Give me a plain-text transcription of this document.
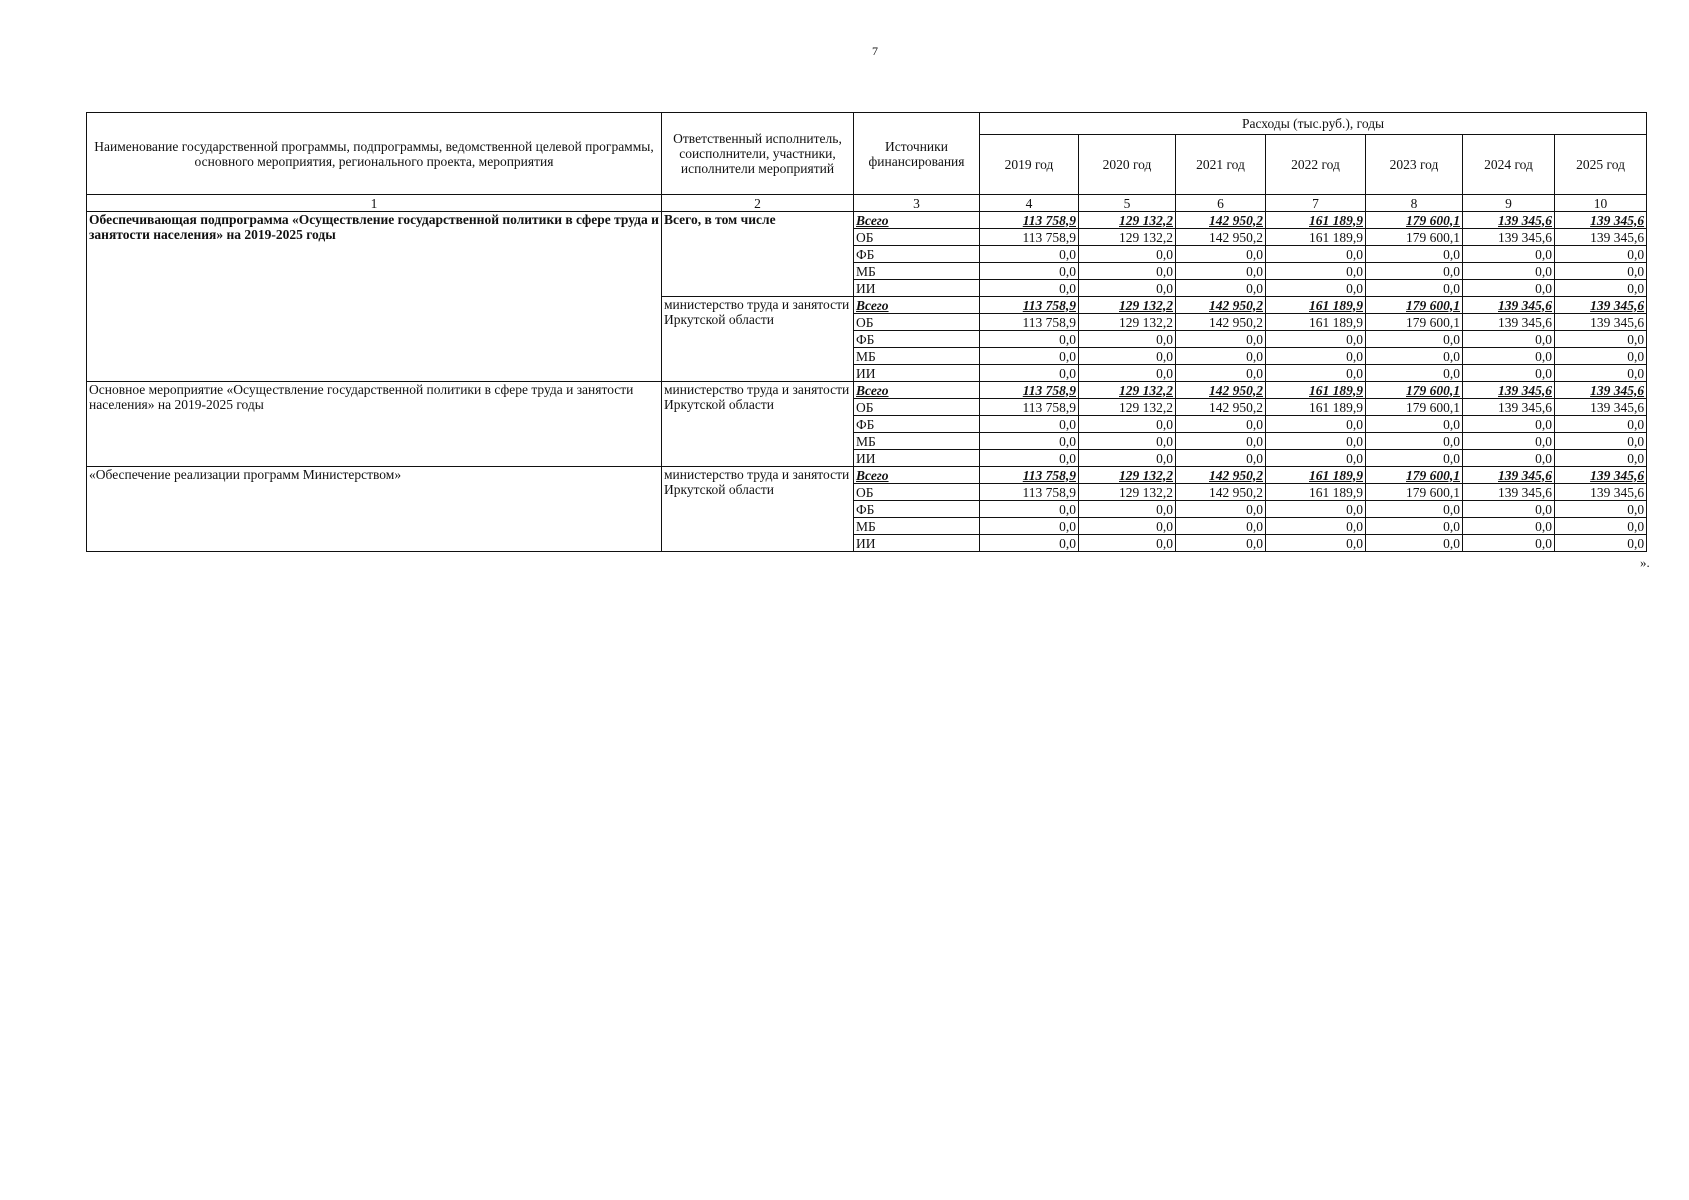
7
Наименование государственной программы, подпрограммы, ведомственной целевой программы, основного мероприятия, регионального проекта, мероприятия	Ответственный исполнитель, соисполнители, участники, исполнители мероприятий	Источники финансирования	Расходы (тыс.руб.), годы						
			2019 год	2020 год	2021 год	2022 год	2023 год	2024 год	2025 год
1	2	3	4	5	6	7	8	9	10
Обеспечивающая подпрограмма «Осуществление государственной политики в сфере труда и занятости населения» на 2019-2025 годы	Всего, в том числе	Всего	113 758,9	129 132,2	142 950,2	161 189,9	179 600,1	139 345,6	139 345,6
		ОБ	113 758,9	129 132,2	142 950,2	161 189,9	179 600,1	139 345,6	139 345,6
		ФБ	0,0	0,0	0,0	0,0	0,0	0,0	0,0
		МБ	0,0	0,0	0,0	0,0	0,0	0,0	0,0
		ИИ	0,0	0,0	0,0	0,0	0,0	0,0	0,0
	министерство труда и занятости Иркутской области	Всего	113 758,9	129 132,2	142 950,2	161 189,9	179 600,1	139 345,6	139 345,6
		ОБ	113 758,9	129 132,2	142 950,2	161 189,9	179 600,1	139 345,6	139 345,6
		ФБ	0,0	0,0	0,0	0,0	0,0	0,0	0,0
		МБ	0,0	0,0	0,0	0,0	0,0	0,0	0,0
		ИИ	0,0	0,0	0,0	0,0	0,0	0,0	0,0
Основное мероприятие «Осуществление государственной политики в сфере труда и занятости населения» на 2019-2025 годы	министерство труда и занятости Иркутской области	Всего	113 758,9	129 132,2	142 950,2	161 189,9	179 600,1	139 345,6	139 345,6
		ОБ	113 758,9	129 132,2	142 950,2	161 189,9	179 600,1	139 345,6	139 345,6
		ФБ	0,0	0,0	0,0	0,0	0,0	0,0	0,0
		МБ	0,0	0,0	0,0	0,0	0,0	0,0	0,0
		ИИ	0,0	0,0	0,0	0,0	0,0	0,0	0,0
«Обеспечение реализации программ Министерством»	министерство труда и занятости Иркутской области	Всего	113 758,9	129 132,2	142 950,2	161 189,9	179 600,1	139 345,6	139 345,6
		ОБ	113 758,9	129 132,2	142 950,2	161 189,9	179 600,1	139 345,6	139 345,6
		ФБ	0,0	0,0	0,0	0,0	0,0	0,0	0,0
		МБ	0,0	0,0	0,0	0,0	0,0	0,0	0,0
		ИИ	0,0	0,0	0,0	0,0	0,0	0,0	0,0
».
